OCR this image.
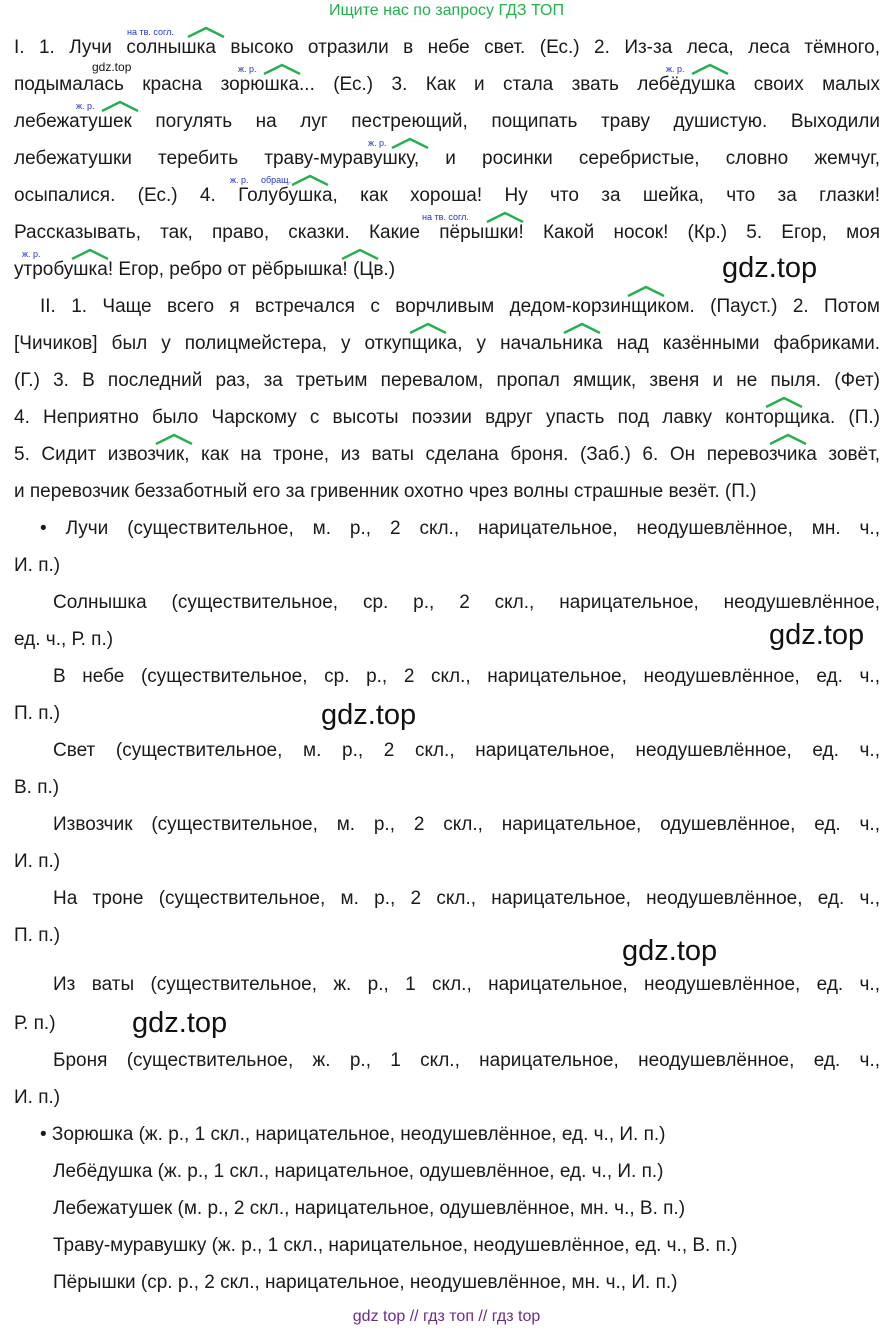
Ищите нас по запросу ГДЗ ТОП
I. 1. Лучи солнышка высоко отразили в небе свет. (Ес.) 2. Из-за леса, леса тёмного,
подымалась красна зорюшка... (Ес.) 3. Как и стала звать лебёдушка своих малых
лебежатушек погулять на луг пестреющий, пощипать траву душистую. Выходили
лебежатушки теребить траву-муравушку, и росинки серебристые, словно жемчуг,
осыпалися. (Ес.) 4. Голубушка, как хороша! Ну что за шейка, что за глазки!
Рассказывать, так, право, сказки. Какие пёрышки! Какой носок! (Кр.) 5. Егор, моя
утробушка! Егор, ребро от рёбрышка! (Цв.)
II. 1. Чаще всего я встречался с ворчливым дедом-корзинщиком. (Пауст.) 2. Потом
[Чичиков] был у полицмейстера, у откупщика, у начальника над казёнными фабриками.
(Г.) 3. В последний раз, за третьим перевалом, пропал ямщик, звеня и не пыля. (Фет)
4. Неприятно было Чарскому с высоты поэзии вдруг упасть под лавку конторщика. (П.)
5. Сидит извозчик, как на троне, из ваты сделана броня. (Заб.) 6. Он перевозчика зовёт,
и перевозчик беззаботный его за гривенник охотно чрез волны страшные везёт. (П.)
• Лучи (существительное, м. р., 2 скл., нарицательное, неодушевлённое, мн. ч.,
И. п.)
Солнышка (существительное, ср. р., 2 скл., нарицательное, неодушевлённое,
ед. ч., Р. п.)
В небе (существительное, ср. р., 2 скл., нарицательное, неодушевлённое, ед. ч.,
П. п.)
Свет (существительное, м. р., 2 скл., нарицательное, неодушевлённое, ед. ч.,
В. п.)
Извозчик (существительное, м. р., 2 скл., нарицательное, одушевлённое, ед. ч.,
И. п.)
На троне (существительное, м. р., 2 скл., нарицательное, неодушевлённое, ед. ч.,
П. п.)
Из ваты (существительное, ж. р., 1 скл., нарицательное, неодушевлённое, ед. ч.,
Р. п.)
Броня (существительное, ж. р., 1 скл., нарицательное, неодушевлённое, ед. ч.,
И. п.)
• Зорюшка (ж. р., 1 скл., нарицательное, неодушевлённое, ед. ч., И. п.)
Лебёдушка (ж. р., 1 скл., нарицательное, одушевлённое, ед. ч., И. п.)
Лебежатушек (м. р., 2 скл., нарицательное, одушевлённое, мн. ч., В. п.)
Траву-муравушку (ж. р., 1 скл., нарицательное, неодушевлённое, ед. ч., В. п.)
Пёрышки (ср. р., 2 скл., нарицательное, неодушевлённое, мн. ч., И. п.)
на тв. согл.
gdz.top	ж. р.	ж. р.
ж. р.
ж. р.
ж. р. обращ.
на тв. согл.
ж. р.	gdz.top
gdz.top
gdz.top
gdz.top
gdz.top
gdz top // гдз топ // гдз top
